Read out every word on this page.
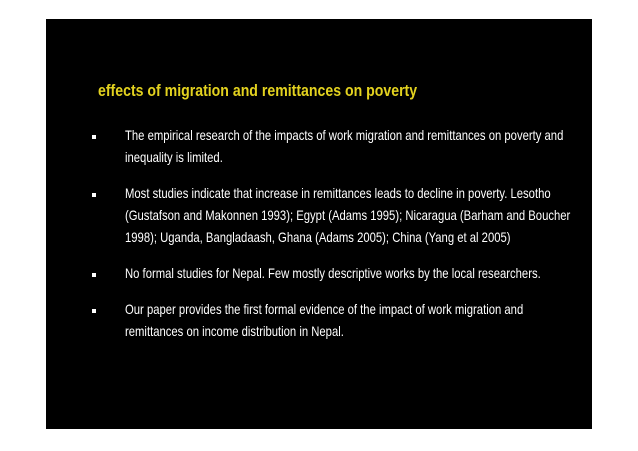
effects of migration and remittances on poverty
The empirical research of the impacts of work migration and remittances on poverty and inequality is limited.
Most studies indicate that increase in remittances leads to decline in poverty. Lesotho (Gustafson and Makonnen 1993); Egypt (Adams 1995); Nicaragua (Barham and Boucher 1998); Uganda, Bangladaash, Ghana (Adams 2005); China (Yang et al 2005)
No formal studies for Nepal. Few mostly descriptive works by the local researchers.
Our paper provides the first formal evidence of the impact of work migration and remittances on income distribution in Nepal.
